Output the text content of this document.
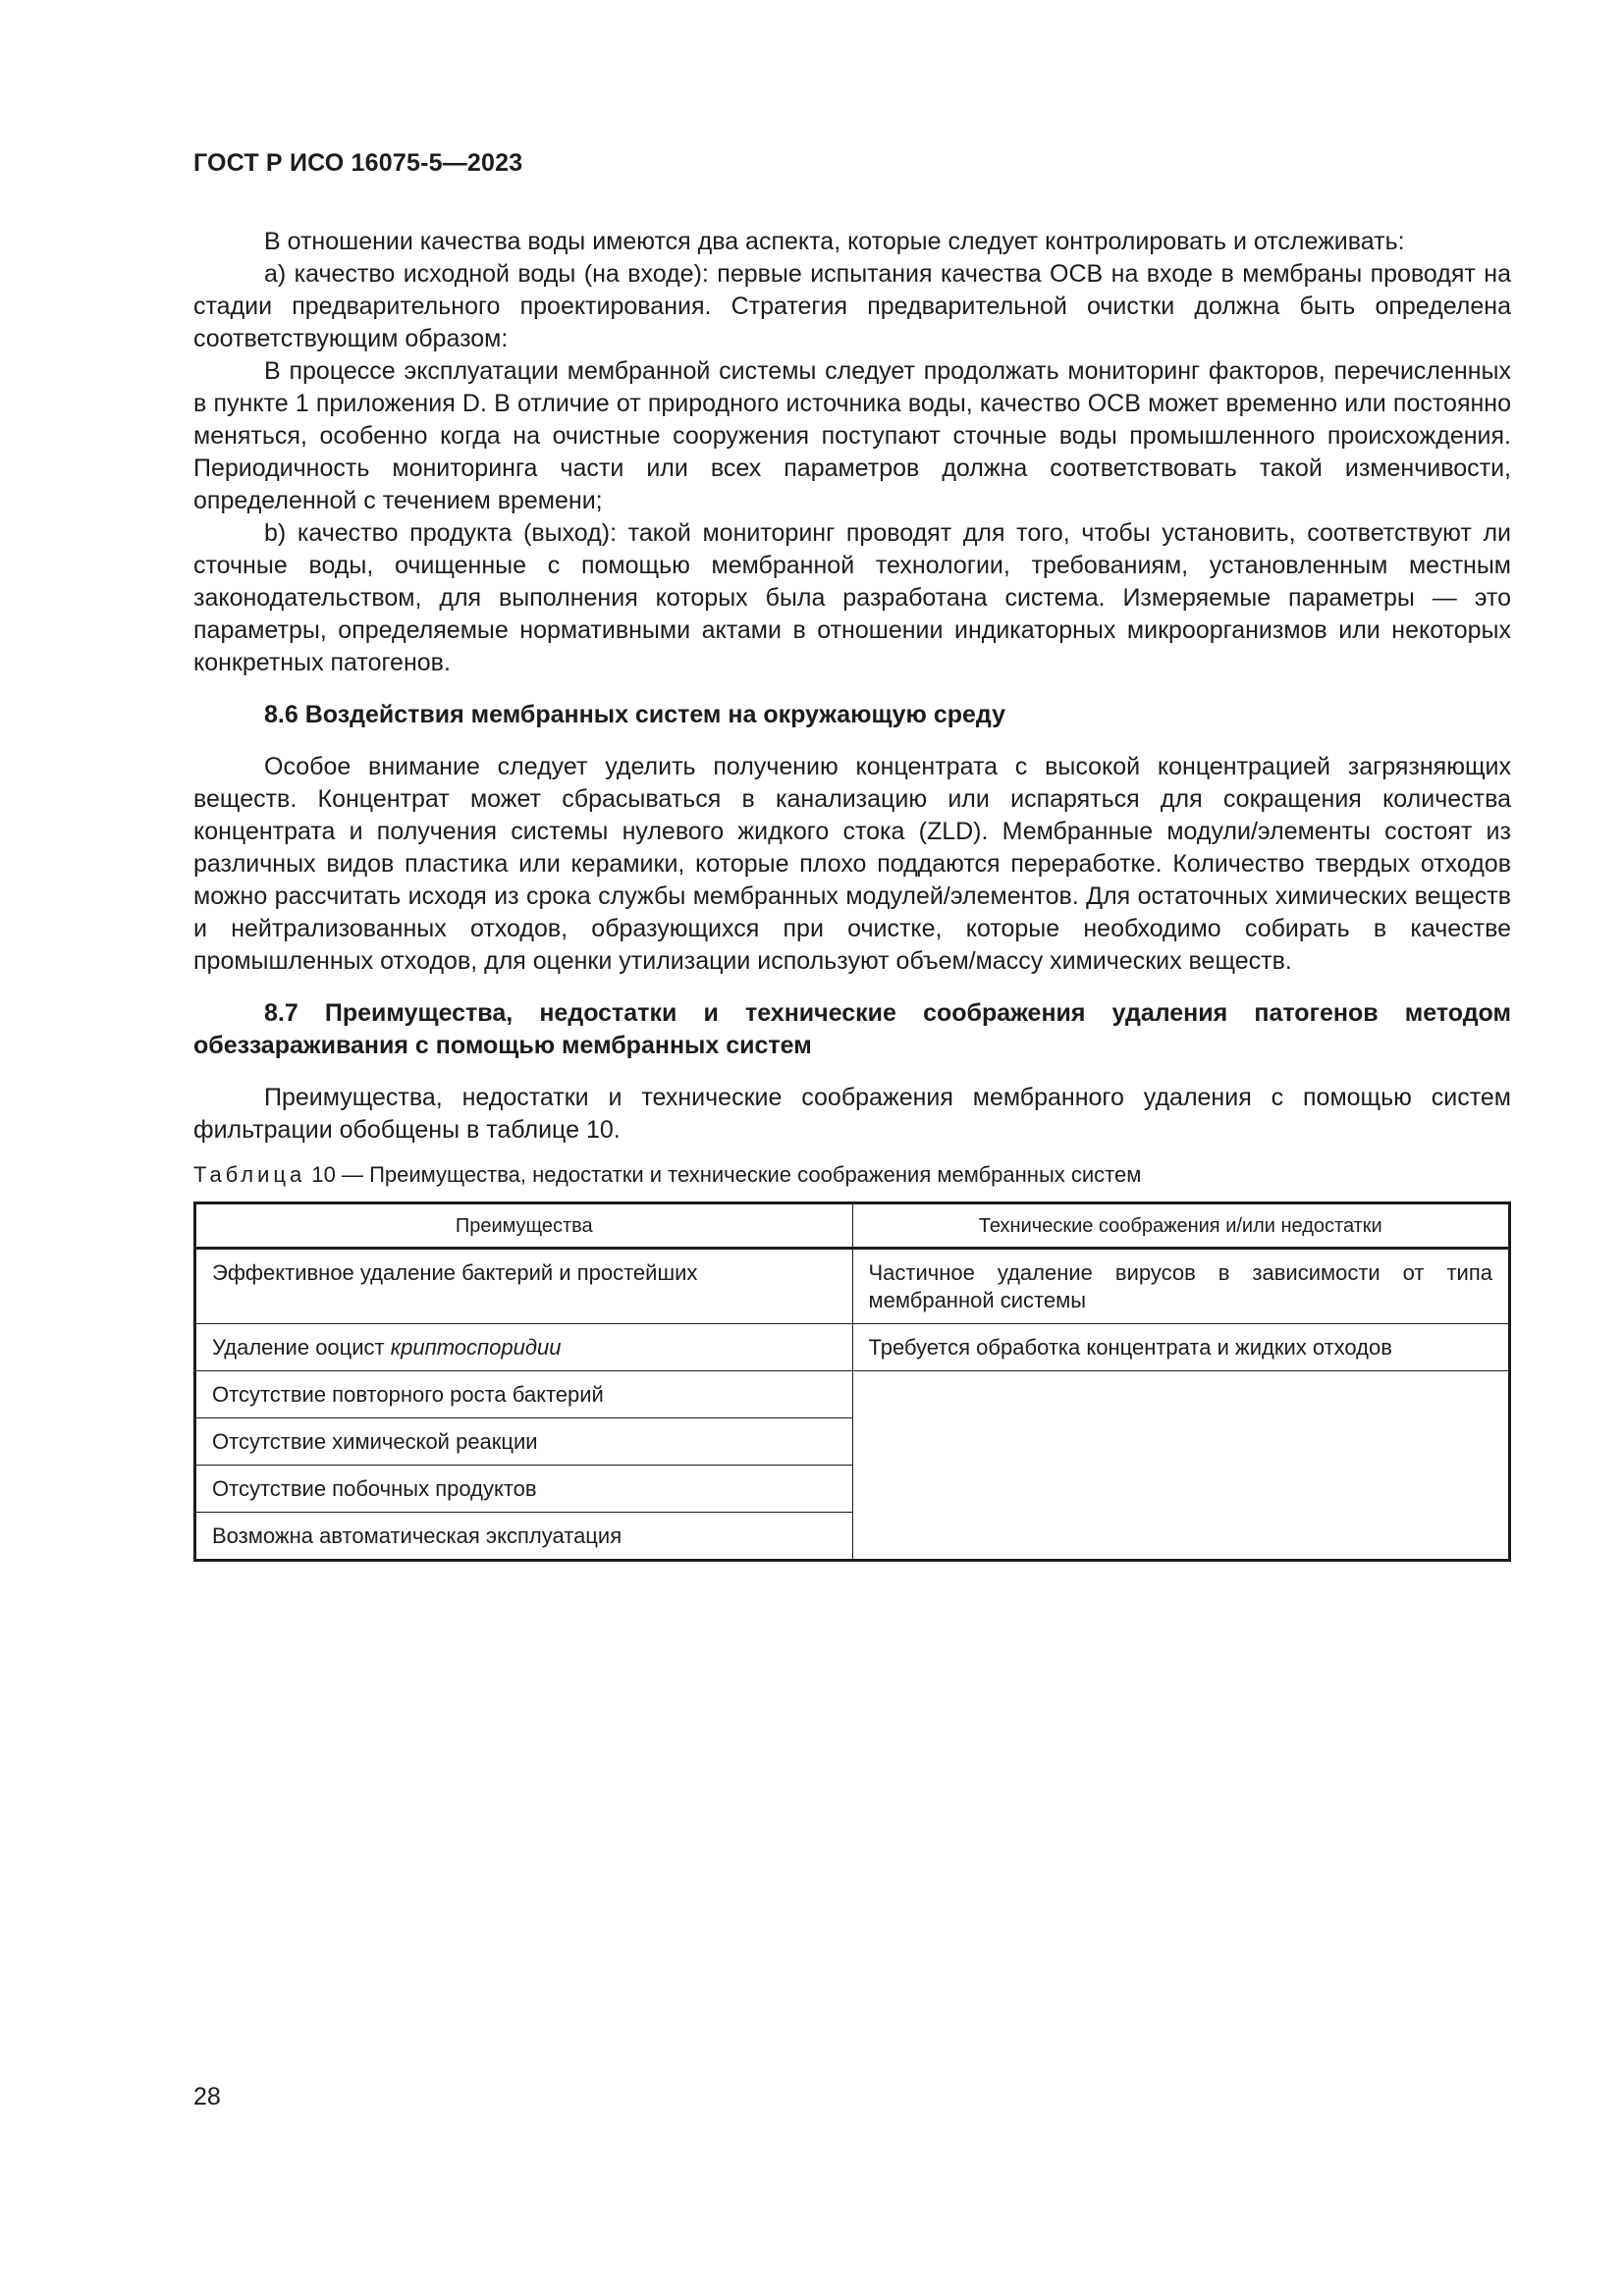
ГОСТ Р ИСО 16075-5—2023

В отношении качества воды имеются два аспекта, которые следует контролировать и отслеживать:

а) качество исходной воды (на входе): первые испытания качества ОСВ на входе в мембраны проводят на стадии предварительного проектирования. Стратегия предварительной очистки должна быть определена соответствующим образом:

В процессе эксплуатации мембранной системы следует продолжать мониторинг факторов, перечисленных в пункте 1 приложения D. В отличие от природного источника воды, качество ОСВ может временно или постоянно меняться, особенно когда на очистные сооружения поступают сточные воды промышленного происхождения. Периодичность мониторинга части или всех параметров должна соответствовать такой изменчивости, определенной с течением времени;

b) качество продукта (выход): такой мониторинг проводят для того, чтобы установить, соответствуют ли сточные воды, очищенные с помощью мембранной технологии, требованиям, установленным местным законодательством, для выполнения которых была разработана система. Измеряемые параметры — это параметры, определяемые нормативными актами в отношении индикаторных микроорганизмов или некоторых конкретных патогенов.

8.6 Воздействия мембранных систем на окружающую среду

Особое внимание следует уделить получению концентрата с высокой концентрацией загрязняющих веществ. Концентрат может сбрасываться в канализацию или испаряться для сокращения количества концентрата и получения системы нулевого жидкого стока (ZLD). Мембранные модули/элементы состоят из различных видов пластика или керамики, которые плохо поддаются переработке. Количество твердых отходов можно рассчитать исходя из срока службы мембранных модулей/элементов. Для остаточных химических веществ и нейтрализованных отходов, образующихся при очистке, которые необходимо собирать в качестве промышленных отходов, для оценки утилизации используют объем/массу химических веществ.

8.7 Преимущества, недостатки и технические соображения удаления патогенов методом обеззараживания с помощью мембранных систем

Преимущества, недостатки и технические соображения мембранного удаления с помощью систем фильтрации обобщены в таблице 10.

Таблица 10 — Преимущества, недостатки и технические соображения мембранных систем
Преимущества	Технические соображения и/или недостатки
Эффективное удаление бактерий и простейших	Частичное удаление вирусов в зависимости от типа мембранной системы
Удаление ооцист криптоспоридии	Требуется обработка концентрата и жидких отходов
Отсутствие повторного роста бактерий	
Отсутствие химической реакции	
Отсутствие побочных продуктов	
Возможна автоматическая эксплуатация	
28
